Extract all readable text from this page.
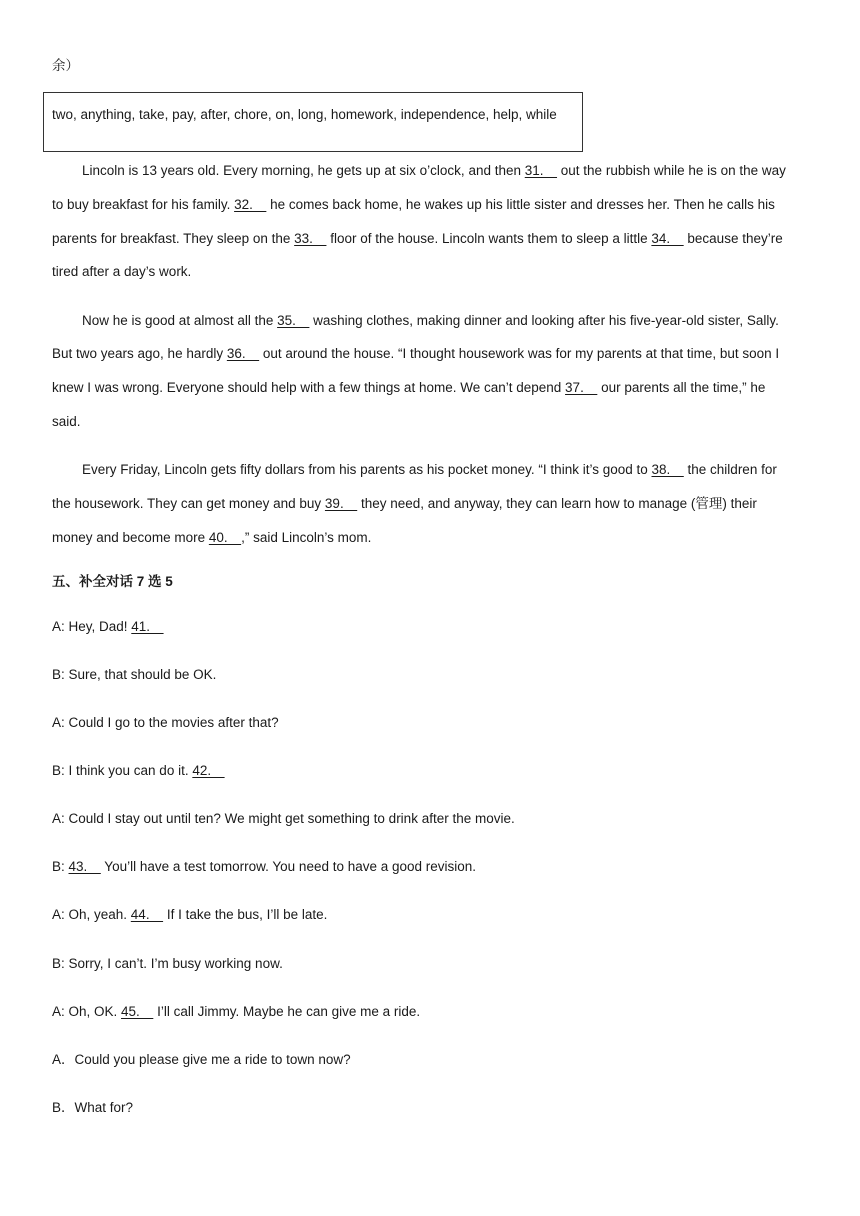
余）
two, anything, take, pay, after, chore, on, long, homework, independence, help, while
Lincoln is 13 years old. Every morning, he gets up at six o’clock, and then 31.　 out the rubbish while he is on the way
to buy breakfast for his family. 32.　 he comes back home, he wakes up his little sister and dresses her. Then he calls his
parents for breakfast. They sleep on the 33.　 floor of the house. Lincoln wants them to sleep a little 34.　 because they’re
tired after a day’s work.
Now he is good at almost all the 35.　 washing clothes, making dinner and looking after his five-year-old sister, Sally.
But two years ago, he hardly 36.　 out around the house. “I thought housework was for my parents at that time, but soon I
knew I was wrong. Everyone should help with a few things at home. We can’t depend 37.　 our parents all the time,” he
said.
Every Friday, Lincoln gets fifty dollars from his parents as his pocket money. “I think it’s good to 38.　 the children for
the housework. They can get money and buy 39.　 they need, and anyway, they can learn how to manage (管理) their
money and become more 40.　,” said Lincoln’s mom.
五、补全对话 7 选 5
A: Hey, Dad! 41.　
B: Sure, that should be OK.
A: Could I go to the movies after that?
B: I think you can do it. 42.　
A: Could I stay out until ten? We might get something to drink after the movie.
B: 43.　 You’ll have a test tomorrow. You need to have a good revision.
A: Oh, yeah. 44.　 If I take the bus, I’ll be late.
B: Sorry, I can’t. I’m busy working now.
A: Oh, OK. 45.　 I’ll call Jimmy. Maybe he can give me a ride.
A．Could you please give me a ride to town now?
B．What for?
